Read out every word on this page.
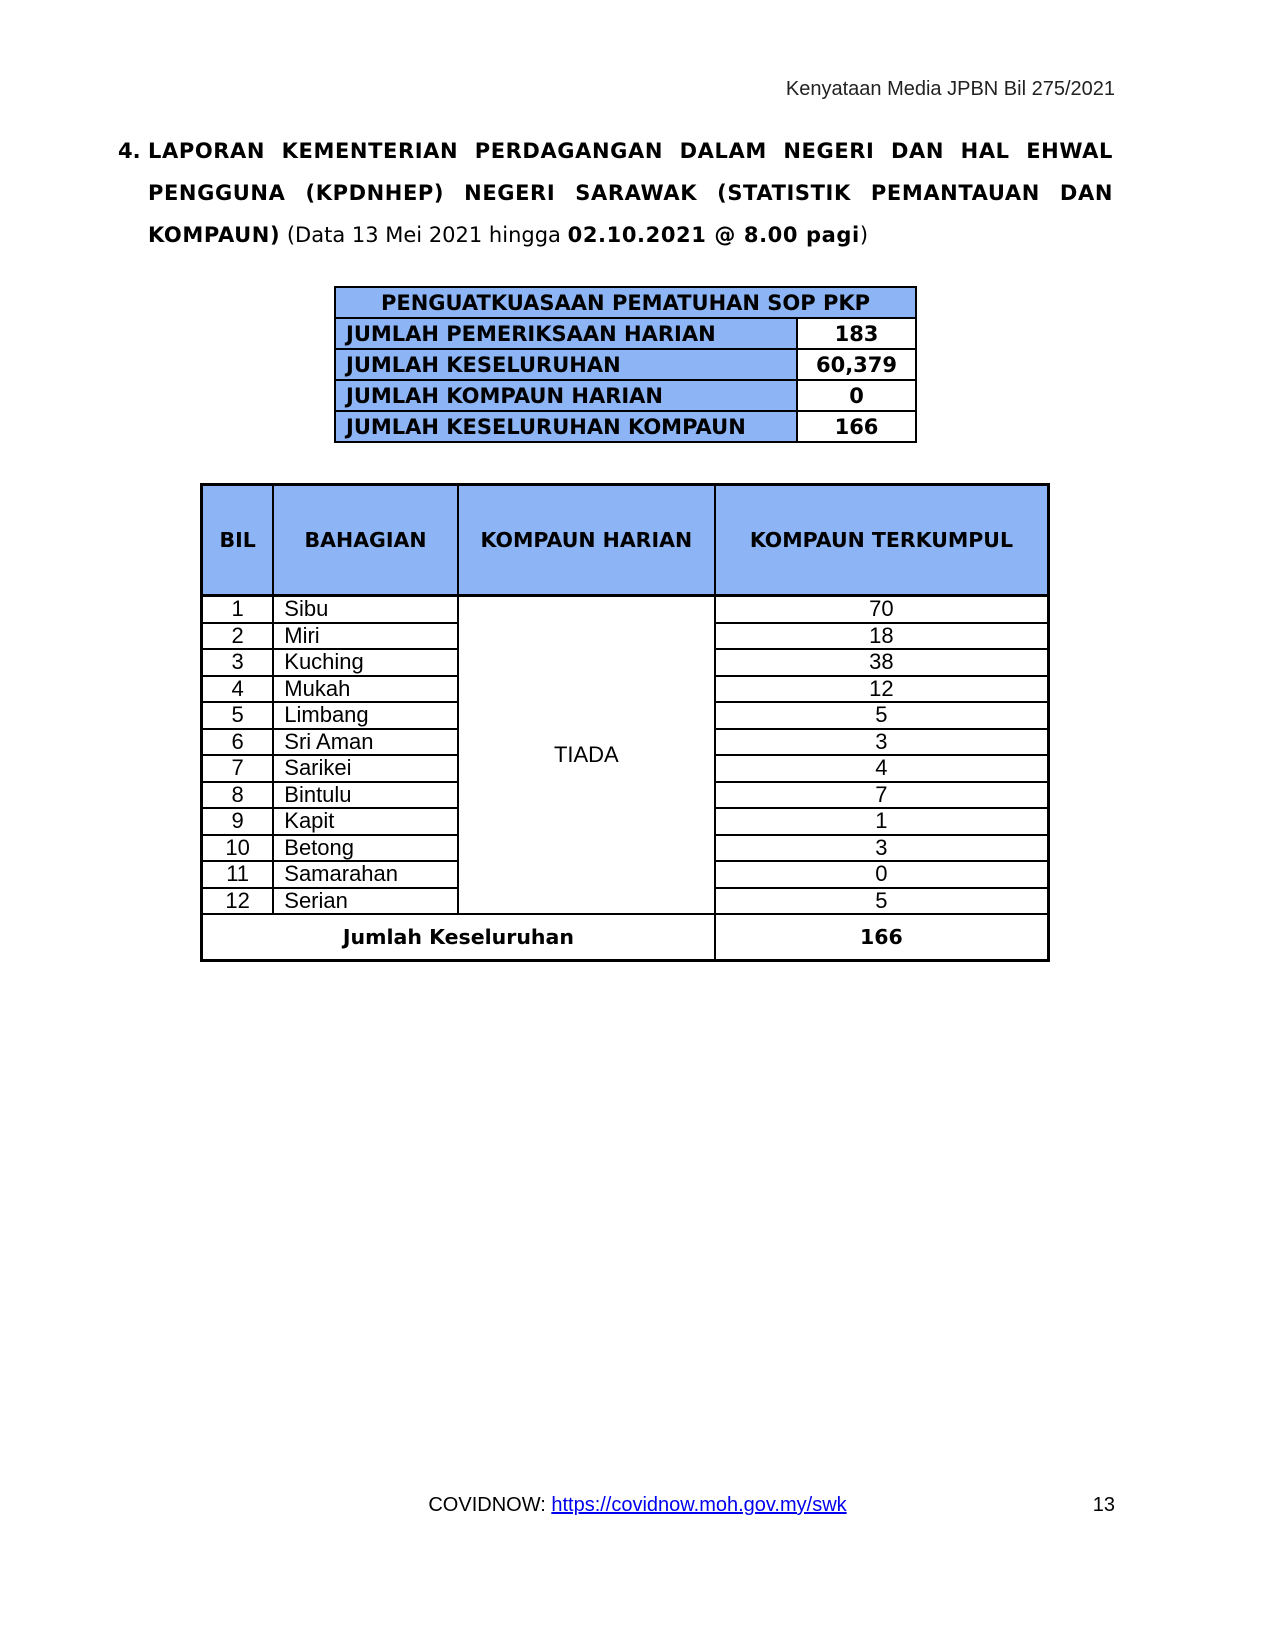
Kenyataan Media JPBN Bil 275/2021
4. LAPORAN KEMENTERIAN PERDAGANGAN DALAM NEGERI DAN HAL EHWAL
PENGGUNA (KPDNHEP) NEGERI SARAWAK (STATISTIK PEMANTAUAN DAN
KOMPAUN) (Data 13 Mei 2021 hingga 02.10.2021 @ 8.00 pagi)
PENGUATKUASAAN PEMATUHAN SOP PKP	
JUMLAH PEMERIKSAAN HARIAN	183
JUMLAH KESELURUHAN	60,379
JUMLAH KOMPAUN HARIAN	0
JUMLAH KESELURUHAN KOMPAUN	166
BIL	BAHAGIAN	KOMPAUN HARIAN	KOMPAUN TERKUMPUL
1	Sibu	TIADA	70
2	Miri		18
3	Kuching		38
4	Mukah		12
5	Limbang		5
6	Sri Aman		3
7	Sarikei		4
8	Bintulu		7
9	Kapit		1
10	Betong		3
11	Samarahan		0
12	Serian		5
Jumlah Keseluruhan			166
COVIDNOW: https://covidnow.moh.gov.my/swk	13
